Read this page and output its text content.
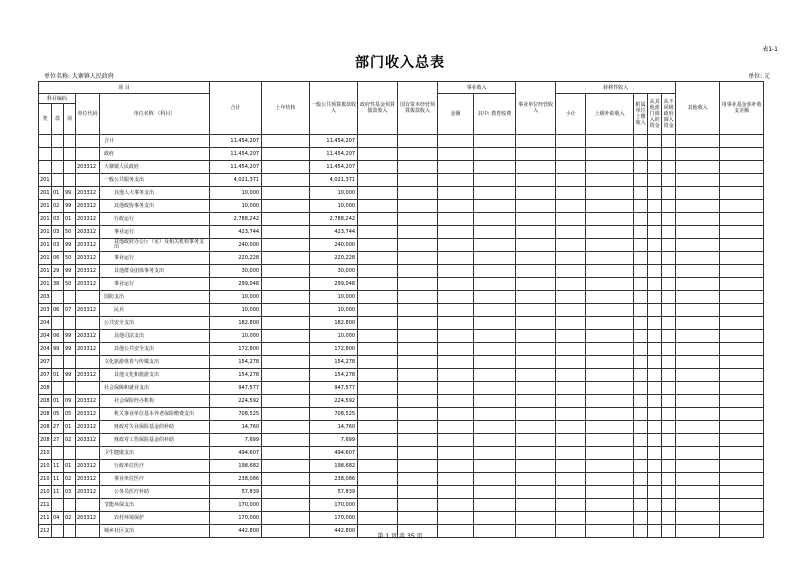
表1-1
部门收入总表
单位名称: 大寨镇人民政府	单位: 元
项 目					合计	上年结转	一般公共预算拨款收入	政府性基金预算拨款收入	国有资本经营预算拨款收入	事业收入		事业单位经营收入	转移性收入					其他收入	用事业基金弥补收支差额
科目编码			单位代码	单位名称 （科目）						金额	其中: 教育收费		小计	上级补助收入	附属单位上缴收入	从其他部门调入的资金	从不同级政府调入资金		
类	款	项																	
				合计	11,454,207		11,454,207												
				政府	11,454,207		11,454,207												
			203312	大寨镇人民政府	11,454,207		11,454,207												
201				一般公共服务支出	4,021,371		4,021,371												
201	01	99	203312	其他人大事务支出	10,000		10,000												
201	02	99	203312	其他政协事务支出	10,000		10,000												
201	03	01	203312	行政运行	2,788,242		2,788,242												
201	03	50	203312	事业运行	423,744		423,744												
201	03	99	203312	其他政府办公厅（室）及相关机构事务支出	240,000		240,000												
201	06	50	203312	事业运行	220,228		220,228												
201	29	99	203312	其他群众团体事务支出	30,000		30,000												
201	38	50	203312	事业运行	299,048		299,048												
203				国防支出	10,000		10,000												
203	06	07	203312	民兵	10,000		10,000												
204				公共安全支出	182,800		182,800												
204	06	99	203312	其他司法支出	10,000		10,000												
204	99	99	203312	其他公共安全支出	172,800		172,800												
207				文化旅游体育与传媒支出	154,278		154,278												
207	01	99	203312	其他文化和旅游支出	154,278		154,278												
208				社会保障和就业支出	947,577		947,577												
208	01	09	203312	社会保险经办机构	224,592		224,592												
208	05	05	203312	机关事业单位基本养老保险缴费支出	708,525		708,525												
208	27	01	203312	财政对失业保险基金的补助	14,760		14,760												
208	27	02	203312	财政对工伤保险基金的补助	7,699		7,699												
210				卫生健康支出	494,607		494,607												
210	11	01	203312	行政单位医疗	198,682		198,682												
210	11	02	203312	事业单位医疗	238,086		238,086												
210	11	03	203312	公务员医疗补助	57,839		57,839												
211				节能环保支出	170,000		170,000												
211	04	02	203312	农村环境保护	170,000		170,000												
212				城乡社区支出	442,800		442,800												
第 1 页,共 35 页
